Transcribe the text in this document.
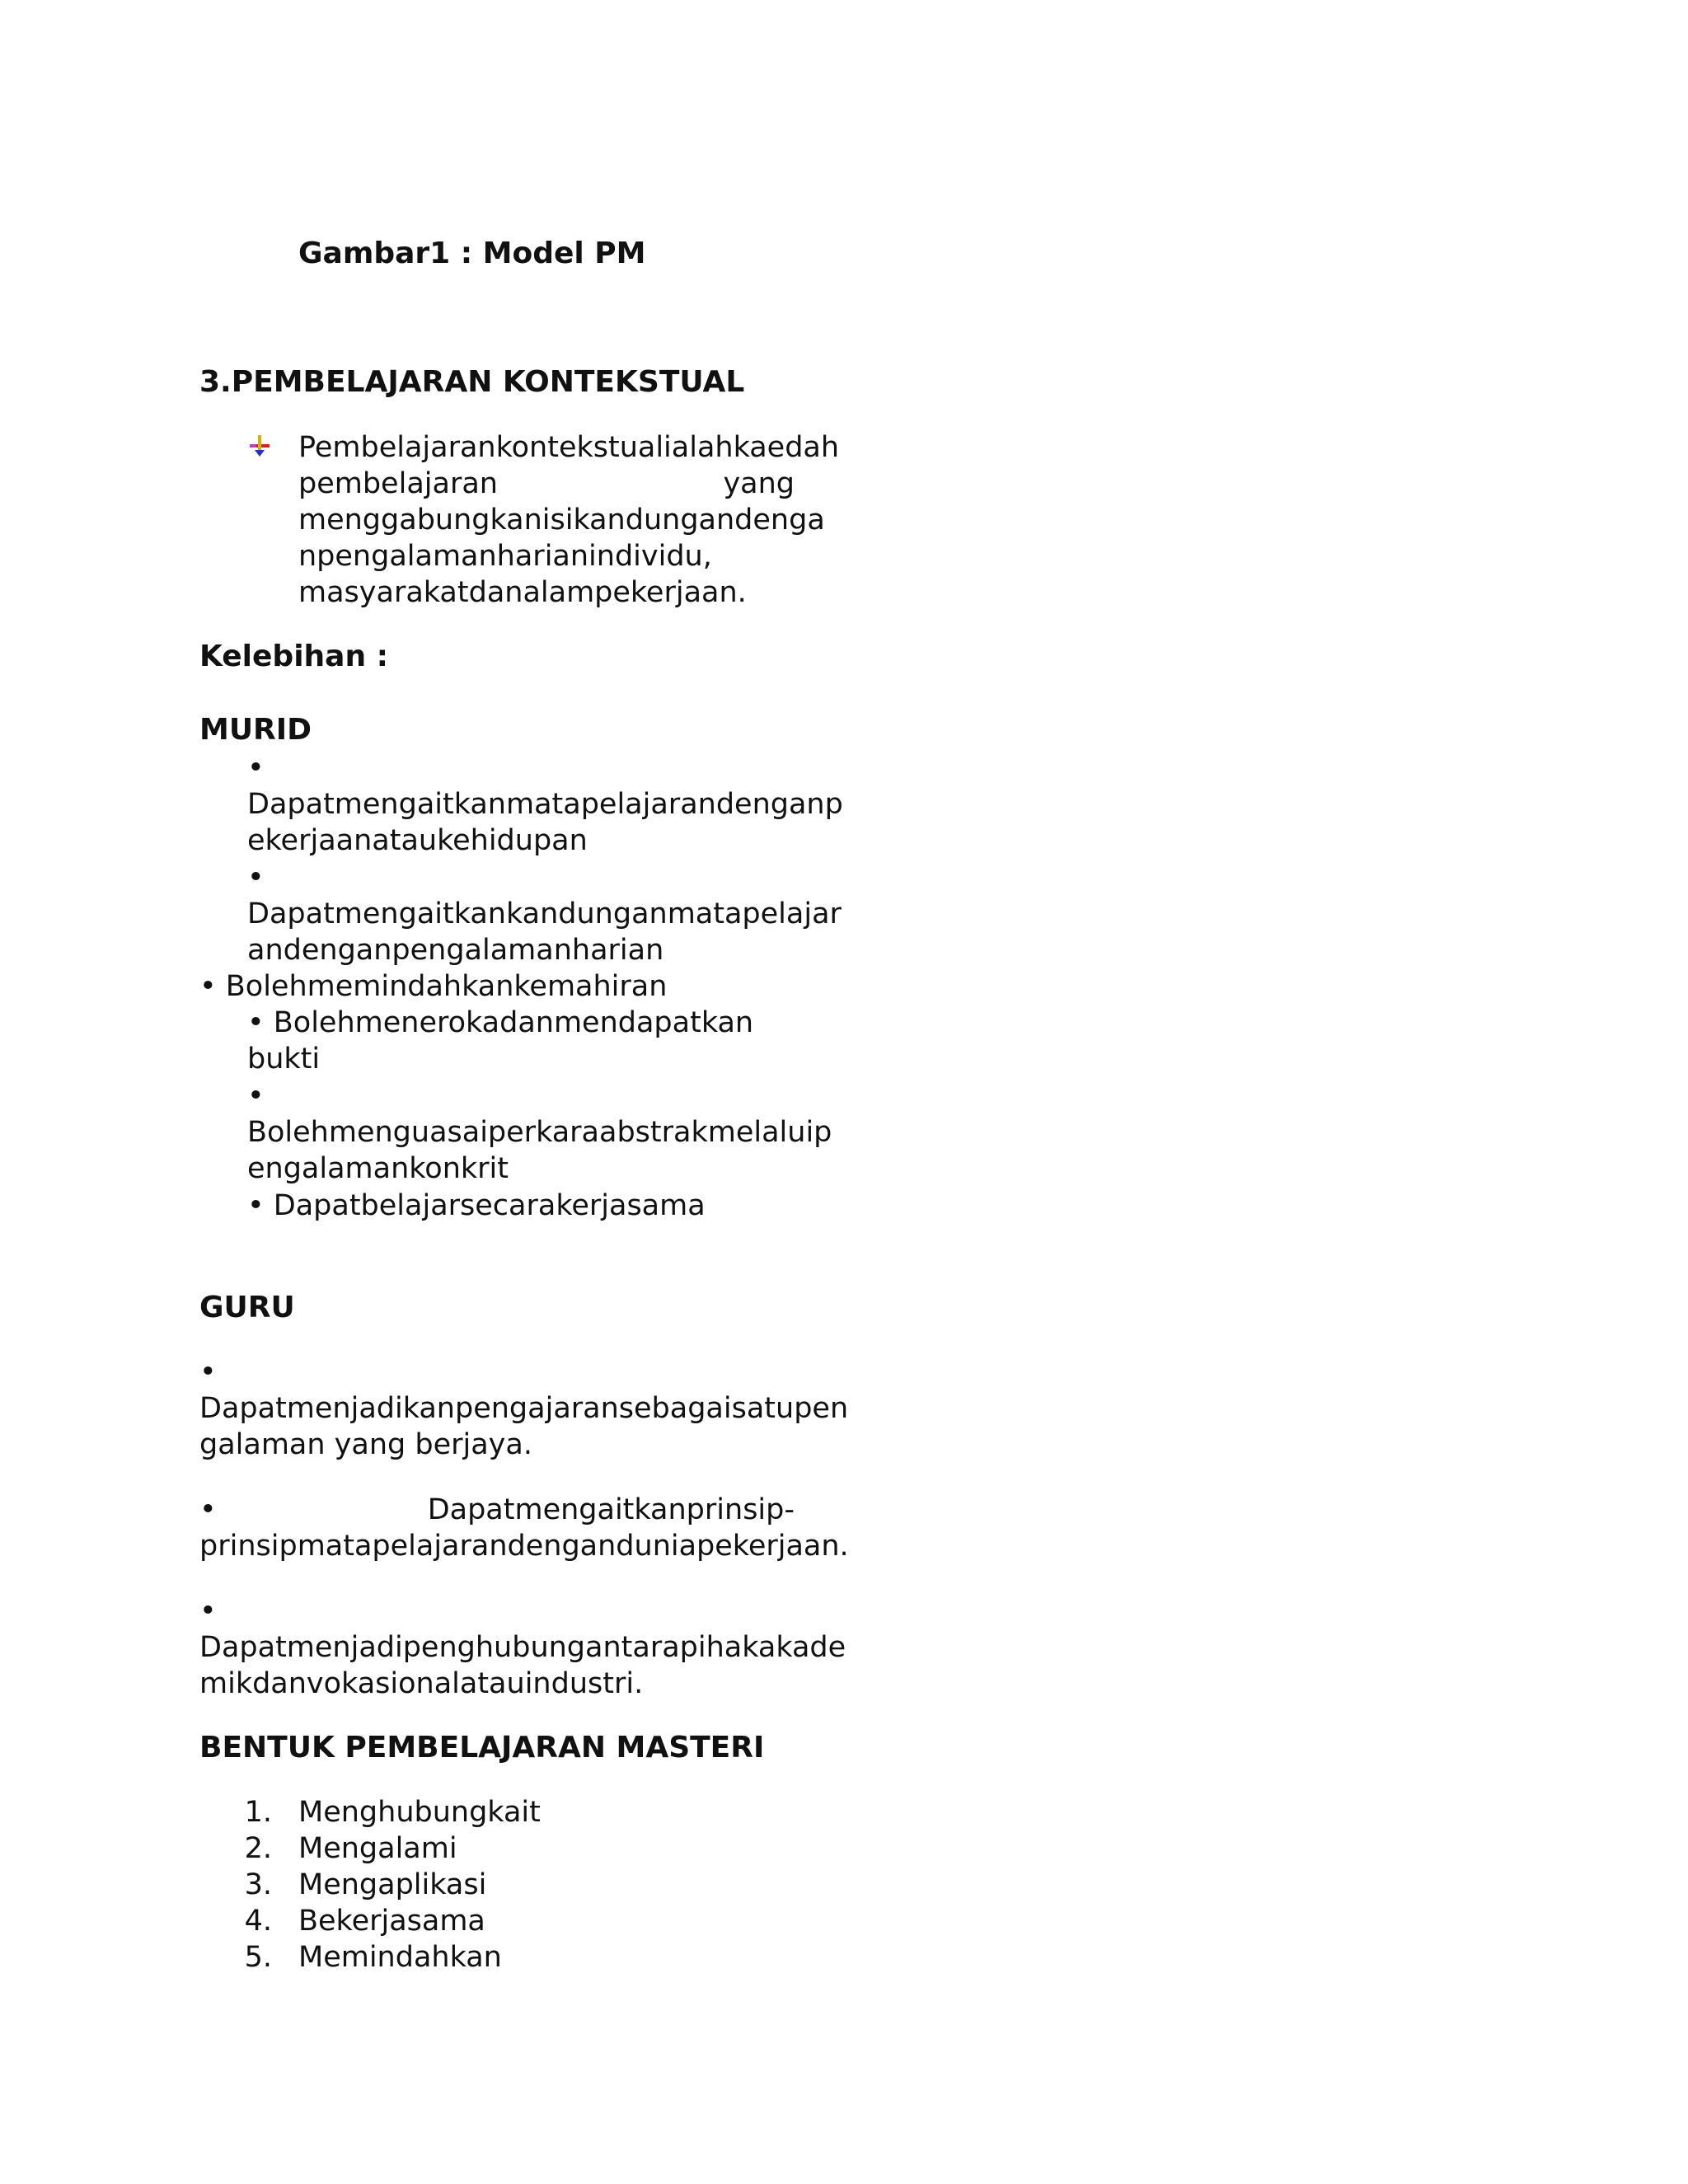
Gambar1 : Model PM
3.PEMBELAJARAN KONTEKSTUAL
Pembelajarankontekstualialahkaedah
pembelajaran	yang
menggabungkanisikandungandenga
npengalamanharianindividu,
masyarakatdanalampekerjaan.
Kelebihan :
MURID
•
Dapatmengaitkanmatapelajarandenganp
ekerjaanataukehidupan
•
Dapatmengaitkankandunganmatapelajar
andenganpengalamanharian
• Bolehmemindahkankemahiran
• Bolehmenerokadanmendapatkan
bukti
•
Bolehmenguasaiperkaraabstrakmelaluip
engalamankonkrit
• Dapatbelajarsecarakerjasama
GURU
•
Dapatmenjadikanpengajaransebagaisatupen
galaman yang berjaya.
•	Dapatmengaitkanprinsip-
prinsipmatapelajarandenganduniapekerjaan.
•
Dapatmenjadipenghubungantarapihakakade
mikdanvokasionalatauindustri.
BENTUK PEMBELAJARAN MASTERI
1. Menghubungkait
2. Mengalami
3. Mengaplikasi
4. Bekerjasama
5. Memindahkan
